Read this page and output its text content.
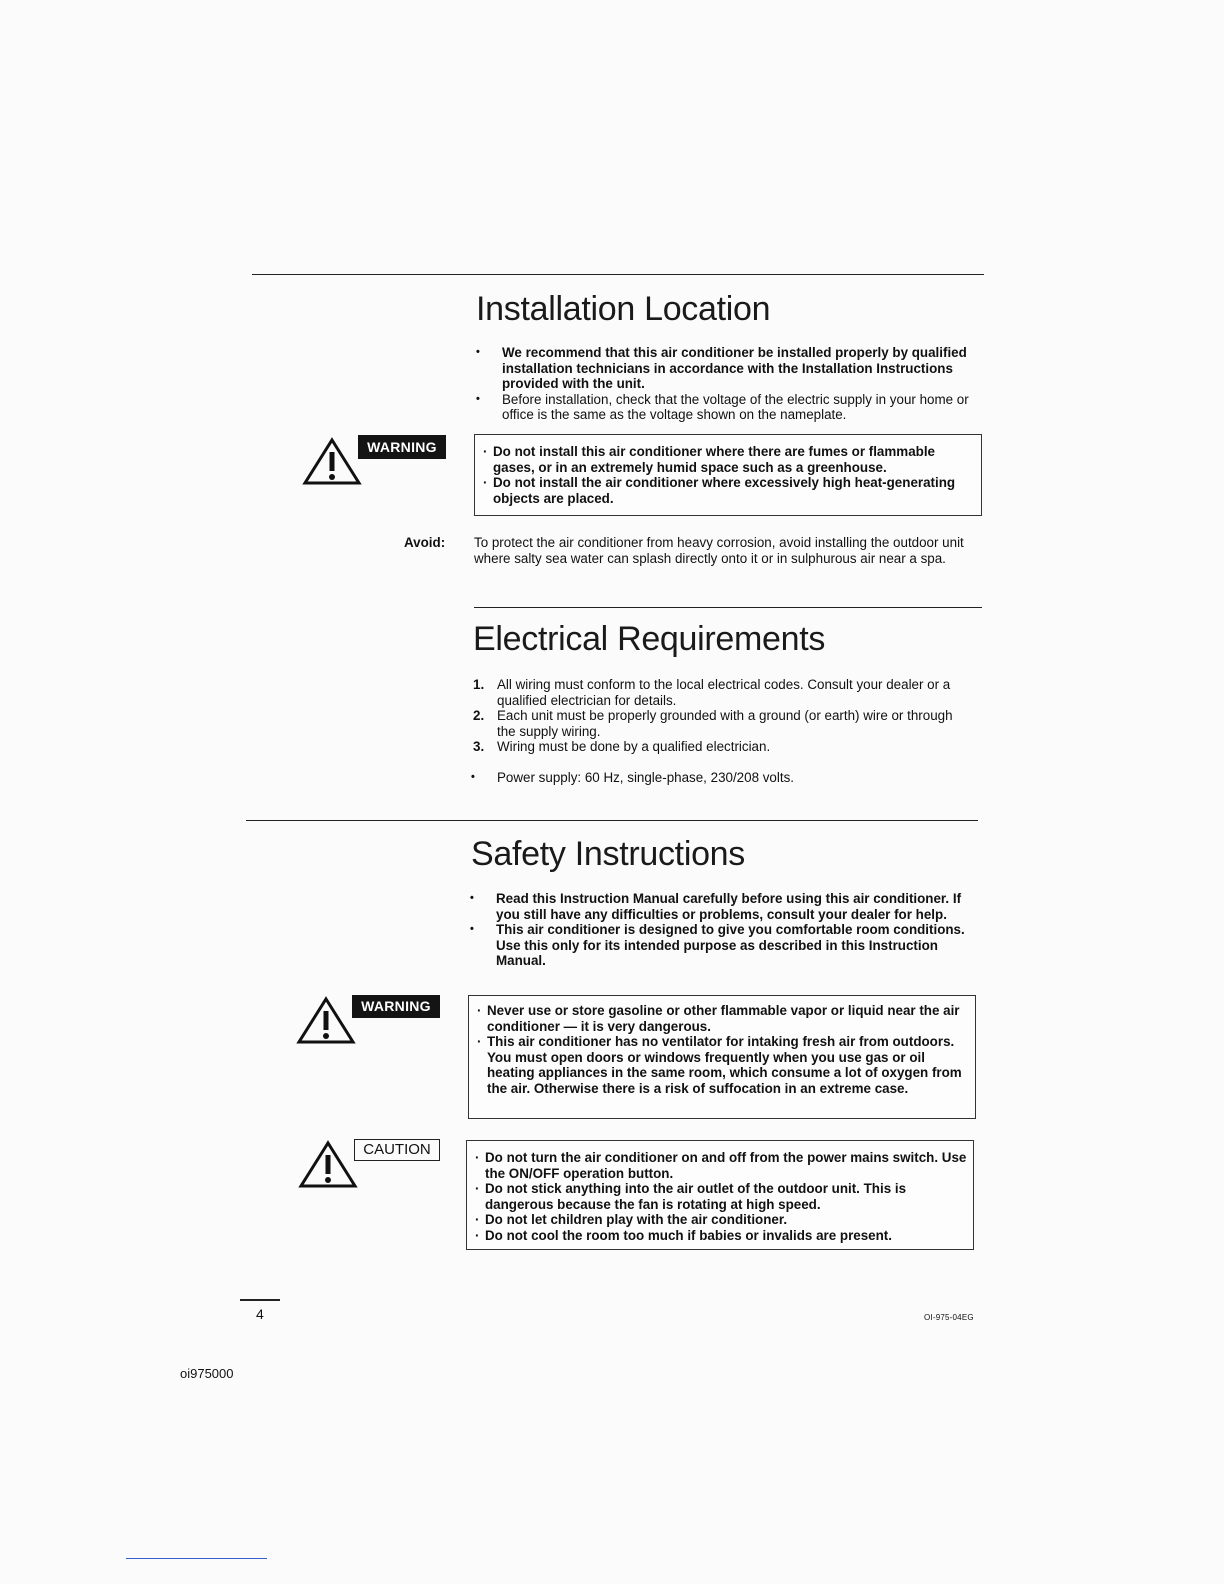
Installation Location
• We recommend that this air conditioner be installed properly by qualified installation technicians in accordance with the Installation Instructions provided with the unit.
• Before installation, check that the voltage of the electric supply in your home or office is the same as the voltage shown on the nameplate.
WARNING	· Do not install this air conditioner where there are fumes or flammable gases, or in an extremely humid space such as a greenhouse.
· Do not install the air conditioner where excessively high heat-generating objects are placed.
Avoid: To protect the air conditioner from heavy corrosion, avoid installing the outdoor unit where salty sea water can splash directly onto it or in sulphurous air near a spa.
Electrical Requirements
1. All wiring must conform to the local electrical codes. Consult your dealer or a qualified electrician for details.
2. Each unit must be properly grounded with a ground (or earth) wire or through the supply wiring.
3. Wiring must be done by a qualified electrician.
• Power supply: 60 Hz, single-phase, 230/208 volts.
Safety Instructions
• Read this Instruction Manual carefully before using this air conditioner. If you still have any difficulties or problems, consult your dealer for help.
• This air conditioner is designed to give you comfortable room conditions. Use this only for its intended purpose as described in this Instruction Manual.
WARNING	· Never use or store gasoline or other flammable vapor or liquid near the air conditioner — it is very dangerous.
· This air conditioner has no ventilator for intaking fresh air from outdoors. You must open doors or windows frequently when you use gas or oil heating appliances in the same room, which consume a lot of oxygen from the air. Otherwise there is a risk of suffocation in an extreme case.
CAUTION	· Do not turn the air conditioner on and off from the power mains switch. Use the ON/OFF operation button.
· Do not stick anything into the air outlet of the outdoor unit. This is dangerous because the fan is rotating at high speed.
· Do not let children play with the air conditioner.
· Do not cool the room too much if babies or invalids are present.
4	OI-975-04EG
oi975000
